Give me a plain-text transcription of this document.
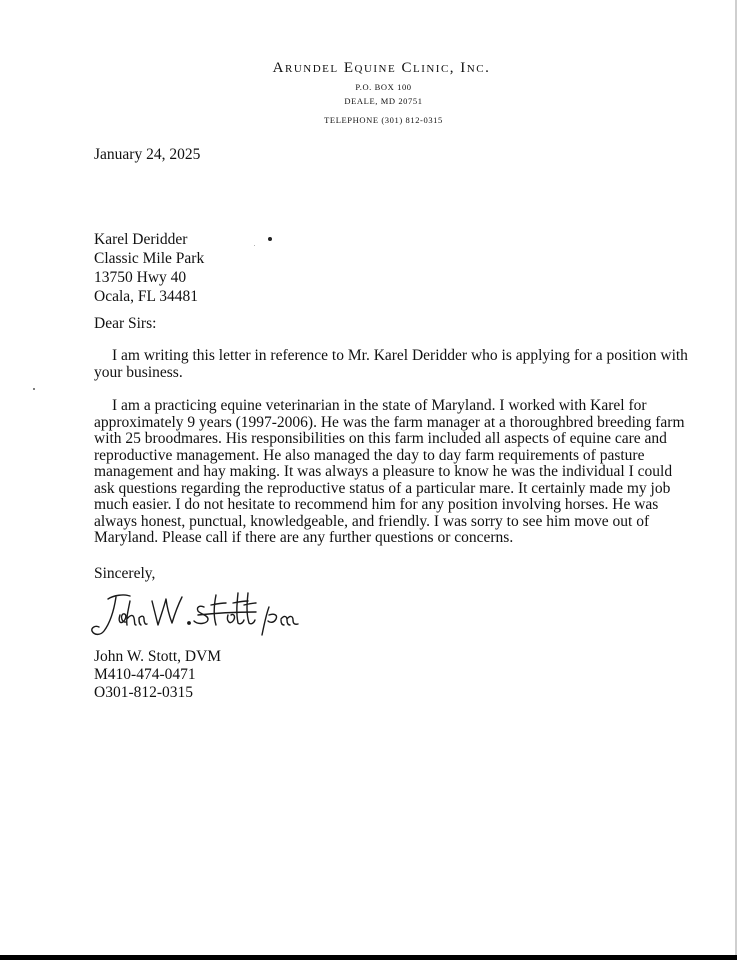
Arundel Equine Clinic, Inc.
P.O. BOX 100
DEALE, MD 20751
TELEPHONE (301) 812-0315
January 24, 2025
Karel Deridder
Classic Mile Park
13750 Hwy 40
Ocala, FL 34481
Dear Sirs:
I am writing this letter in reference to Mr. Karel Deridder who is applying for a position with
your business.
I am a practicing equine veterinarian in the state of Maryland. I worked with Karel for
approximately 9 years (1997-2006). He was the farm manager at a thoroughbred breeding farm
with 25 broodmares. His responsibilities on this farm included all aspects of equine care and
reproductive management. He also managed the day to day farm requirements of pasture
management and hay making. It was always a pleasure to know he was the individual I could
ask questions regarding the reproductive status of a particular mare. It certainly made my job
much easier. I do not hesitate to recommend him for any position involving horses. He was
always honest, punctual, knowledgeable, and friendly. I was sorry to see him move out of
Maryland. Please call if there are any further questions or concerns.
Sincerely,
John W. Stott, DVM
M410-474-0471
O301-812-0315
